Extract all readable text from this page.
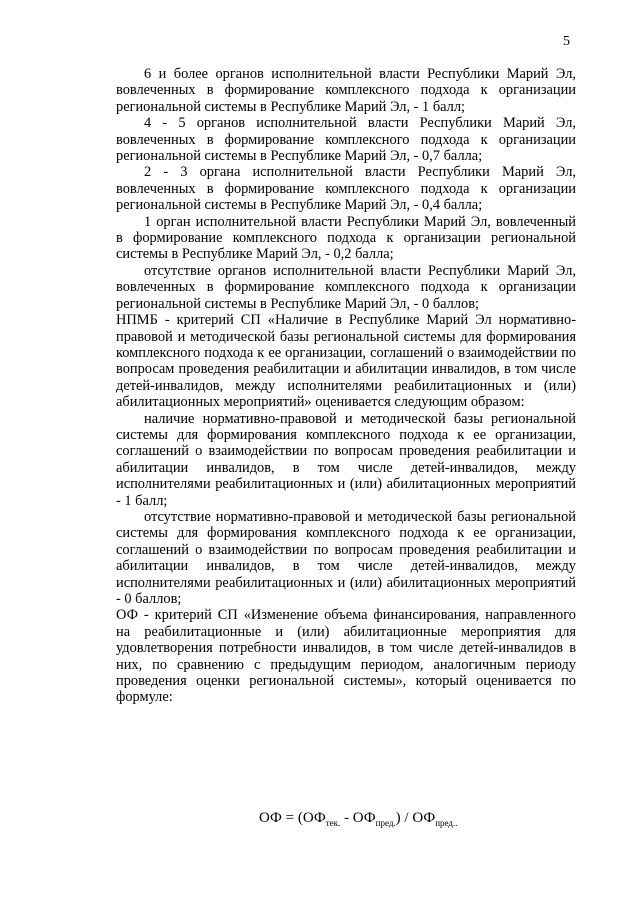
5

6 и более органов исполнительной власти Республики Марий Эл, вовлеченных в формирование комплексного подхода к организации региональной системы в Республике Марий Эл, - 1 балл;

4 - 5 органов исполнительной власти Республики Марий Эл, вовлеченных в формирование комплексного подхода к организации региональной системы в Республике Марий Эл, - 0,7 балла;

2 - 3 органа исполнительной власти Республики Марий Эл, вовлеченных в формирование комплексного подхода к организации региональной системы в Республике Марий Эл, - 0,4 балла;

1 орган исполнительной власти Республики Марий Эл, вовлеченный в формирование комплексного подхода к организации региональной системы в Республике Марий Эл, - 0,2 балла;

отсутствие органов исполнительной власти Республики Марий Эл, вовлеченных в формирование комплексного подхода к организации региональной системы в Республике Марий Эл, - 0 баллов;

НПМБ - критерий СП «Наличие в Республике Марий Эл нормативно-правовой и методической базы региональной системы для формирования комплексного подхода к ее организации, соглашений о взаимодействии по вопросам проведения реабилитации и абилитации инвалидов, в том числе детей-инвалидов, между исполнителями реабилитационных и (или) абилитационных мероприятий» оценивается следующим образом:

наличие нормативно-правовой и методической базы региональной системы для формирования комплексного подхода к ее организации, соглашений о взаимодействии по вопросам проведения реабилитации и абилитации инвалидов, в том числе детей-инвалидов, между исполнителями реабилитационных и (или) абилитационных мероприятий - 1 балл;

отсутствие нормативно-правовой и методической базы региональной системы для формирования комплексного подхода к ее организации, соглашений о взаимодействии по вопросам проведения реабилитации и абилитации инвалидов, в том числе детей-инвалидов, между исполнителями реабилитационных и (или) абилитационных мероприятий - 0 баллов;

ОФ - критерий СП «Изменение объема финансирования, направленного на реабилитационные и (или) абилитационные мероприятия для удовлетворения потребности инвалидов, в том числе детей-инвалидов в них, по сравнению с предыдущим периодом, аналогичным периоду проведения оценки региональной системы», который оценивается по формуле:

ОФ = $(ОФ_{тек.} - ОФ_{пред.}) / ОФ_{пред..}$
